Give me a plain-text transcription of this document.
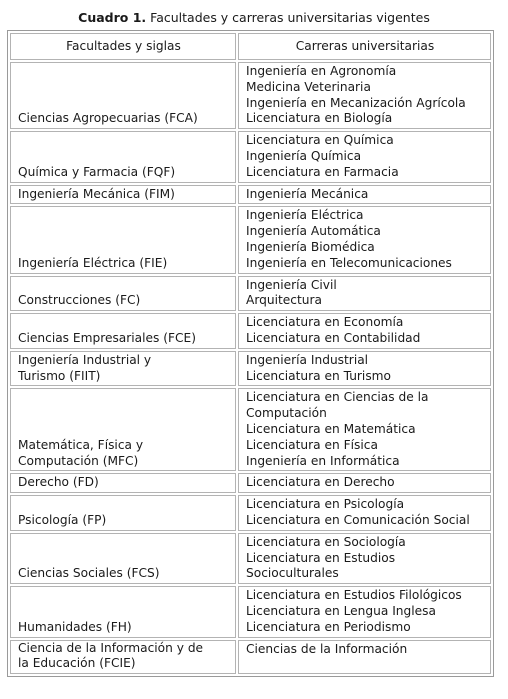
Cuadro 1. Facultades y carreras universitarias vigentes
Facultades y siglas	Carreras universitarias

Ciencias Agropecuarias (FCA)	Ingeniería en Agronomía
Medicina Veterinaria
Ingeniería en Mecanización Agrícola
Licenciatura en Biología

Química y Farmacia (FQF)	Licenciatura en Química
Ingeniería Química
Licenciatura en Farmacia

Ingeniería Mecánica (FIM)	Ingeniería Mecánica

Ingeniería Eléctrica (FIE)	Ingeniería Eléctrica
Ingeniería Automática
Ingeniería Biomédica
Ingeniería en Telecomunicaciones

Construcciones (FC)	Ingeniería Civil
Arquitectura

Ciencias Empresariales (FCE)	Licenciatura en Economía
Licenciatura en Contabilidad

Ingeniería Industrial y
Turismo (FIIT)	Ingeniería Industrial
Licenciatura en Turismo

Matemática, Física y
Computación (MFC)	Licenciatura en Ciencias de la
Computación
Licenciatura en Matemática
Licenciatura en Física
Ingeniería en Informática

Derecho (FD)	Licenciatura en Derecho

Psicología (FP)	Licenciatura en Psicología
Licenciatura en Comunicación Social

Ciencias Sociales (FCS)	Licenciatura en Sociología
Licenciatura en Estudios
Socioculturales

Humanidades (FH)	Licenciatura en Estudios Filológicos
Licenciatura en Lengua Inglesa
Licenciatura en Periodismo

Ciencia de la Información y de
la Educación (FCIE)	Ciencias de la Información
